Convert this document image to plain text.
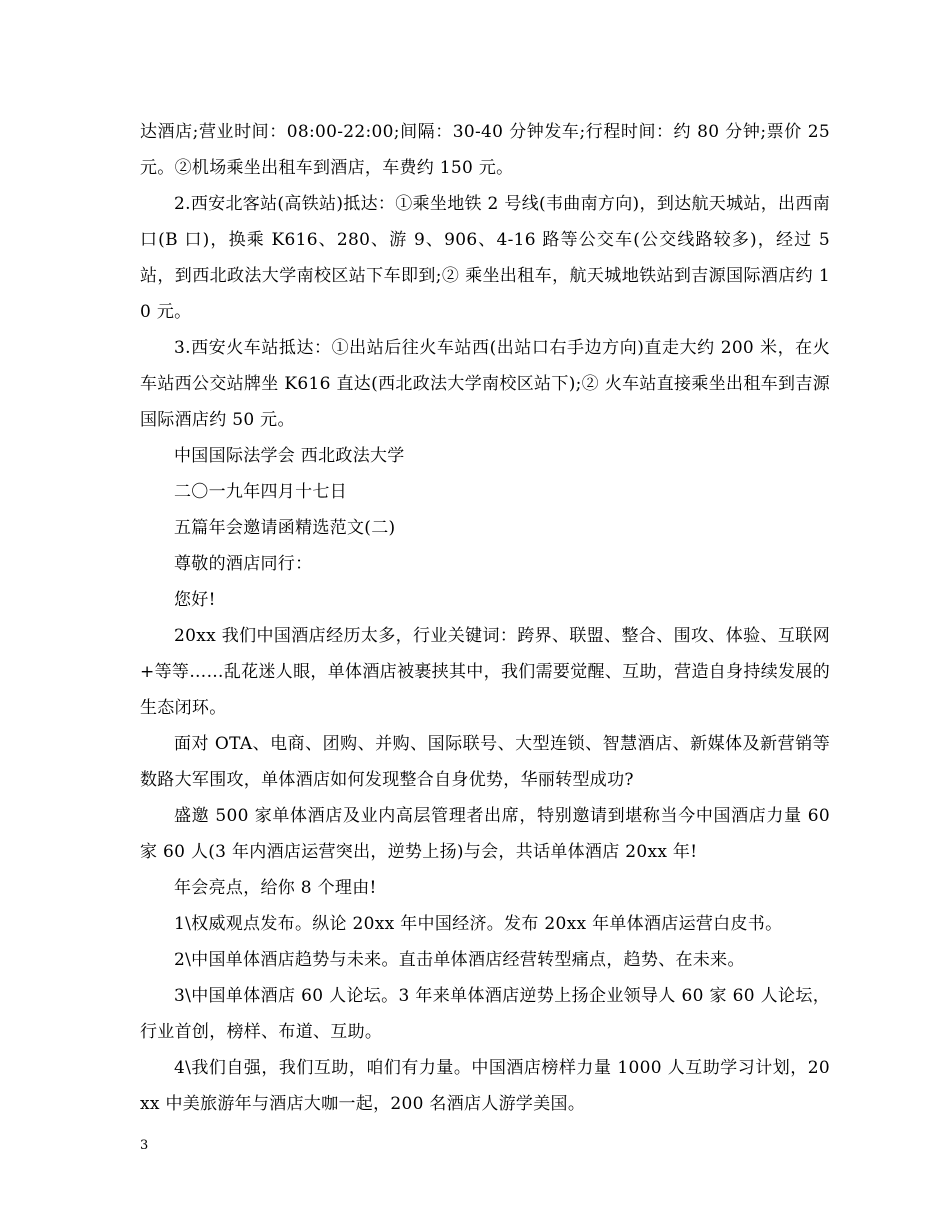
达酒店;营业时间：08:00-22:00;间隔：30-40 分钟发车;行程时间：约 80 分钟;票价 25 元。②机场乘坐出租车到酒店，车费约 150 元。

2.西安北客站(高铁站)抵达：①乘坐地铁 2 号线(韦曲南方向)，到达航天城站，出西南口(B 口)，换乘 K616、280、游 9、906、4-16 路等公交车(公交线路较多)，经过 5 站，到西北政法大学南校区站下车即到;② 乘坐出租车，航天城地铁站到吉源国际酒店约 10 元。

3.西安火车站抵达：①出站后往火车站西(出站口右手边方向)直走大约 200 米，在火车站西公交站牌坐 K616 直达(西北政法大学南校区站下);② 火车站直接乘坐出租车到吉源国际酒店约 50 元。

中国国际法学会 西北政法大学

二〇一九年四月十七日

五篇年会邀请函精选范文(二)

尊敬的酒店同行：

您好!

20xx 我们中国酒店经历太多，行业关键词：跨界、联盟、整合、围攻、体验、互联网+等等……乱花迷人眼，单体酒店被裹挟其中，我们需要觉醒、互助，营造自身持续发展的生态闭环。

面对 OTA、电商、团购、并购、国际联号、大型连锁、智慧酒店、新媒体及新营销等数路大军围攻，单体酒店如何发现整合自身优势，华丽转型成功?

盛邀 500 家单体酒店及业内高层管理者出席，特别邀请到堪称当今中国酒店力量 60 家 60 人(3 年内酒店运营突出，逆势上扬)与会，共话单体酒店 20xx 年!

年会亮点，给你 8 个理由!

1\权威观点发布。纵论 20xx 年中国经济。发布 20xx 年单体酒店运营白皮书。

2\中国单体酒店趋势与未来。直击单体酒店经营转型痛点，趋势、在未来。

3\中国单体酒店 60 人论坛。3 年来单体酒店逆势上扬企业领导人 60 家 60 人论坛，行业首创，榜样、布道、互助。

4\我们自强，我们互助，咱们有力量。中国酒店榜样力量 1000 人互助学习计划，20xx 中美旅游年与酒店大咖一起，200 名酒店人游学美国。

3
